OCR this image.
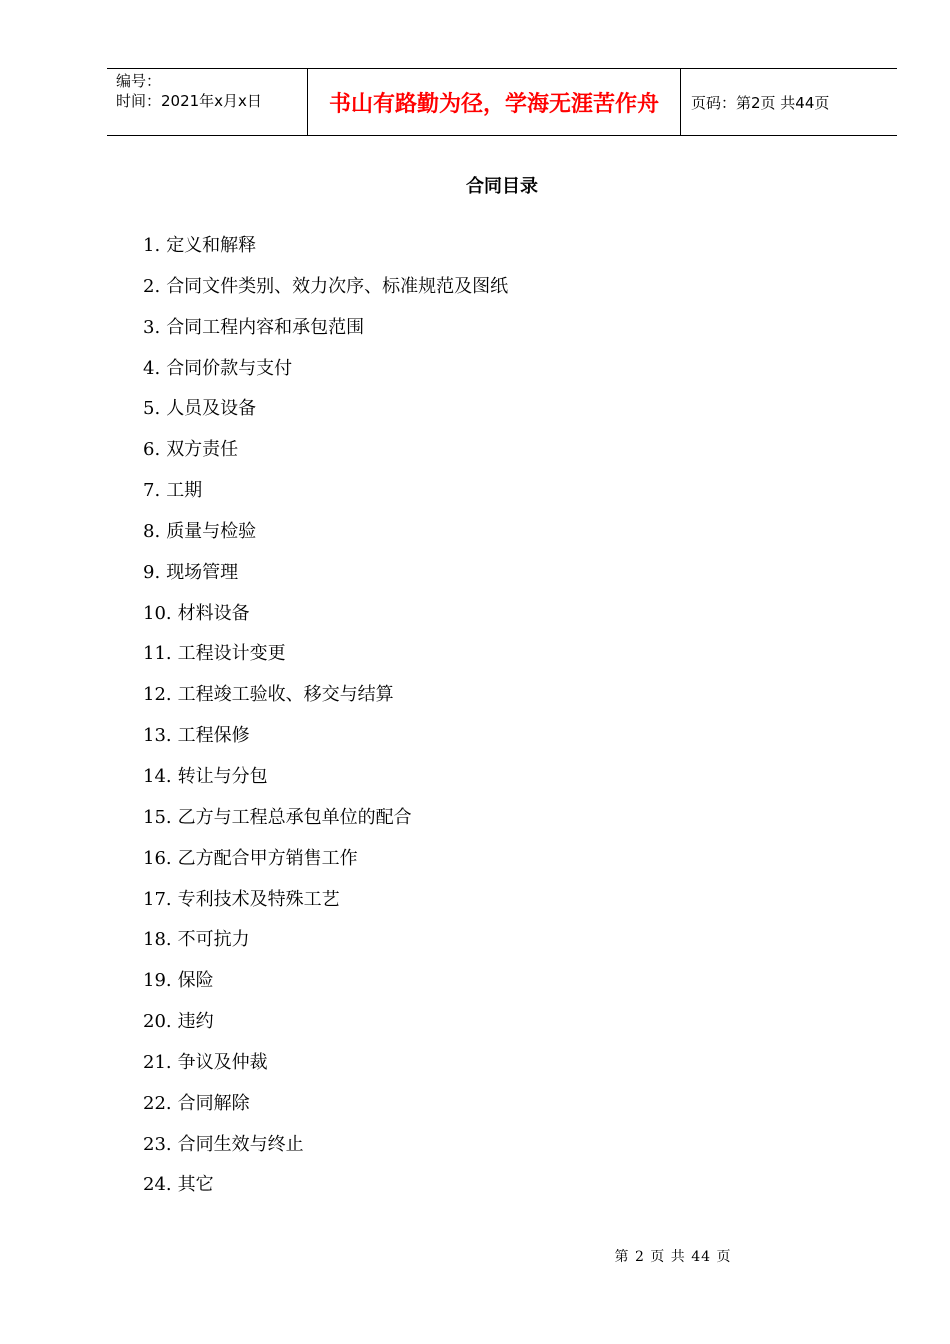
编号：
时间：2021年x月x日	书山有路勤为径，学海无涯苦作舟 页码：第2页 共44页
合同目录
1. 定义和解释
2. 合同文件类别、效力次序、标准规范及图纸
3. 合同工程内容和承包范围
4. 合同价款与支付
5. 人员及设备
6. 双方责任
7. 工期
8. 质量与检验
9. 现场管理
10. 材料设备
11. 工程设计变更
12. 工程竣工验收、移交与结算
13. 工程保修
14. 转让与分包
15. 乙方与工程总承包单位的配合
16. 乙方配合甲方销售工作
17. 专利技术及特殊工艺
18. 不可抗力
19. 保险
20. 违约
21. 争议及仲裁
22. 合同解除
23. 合同生效与终止
24. 其它
第 2 页 共 44 页
